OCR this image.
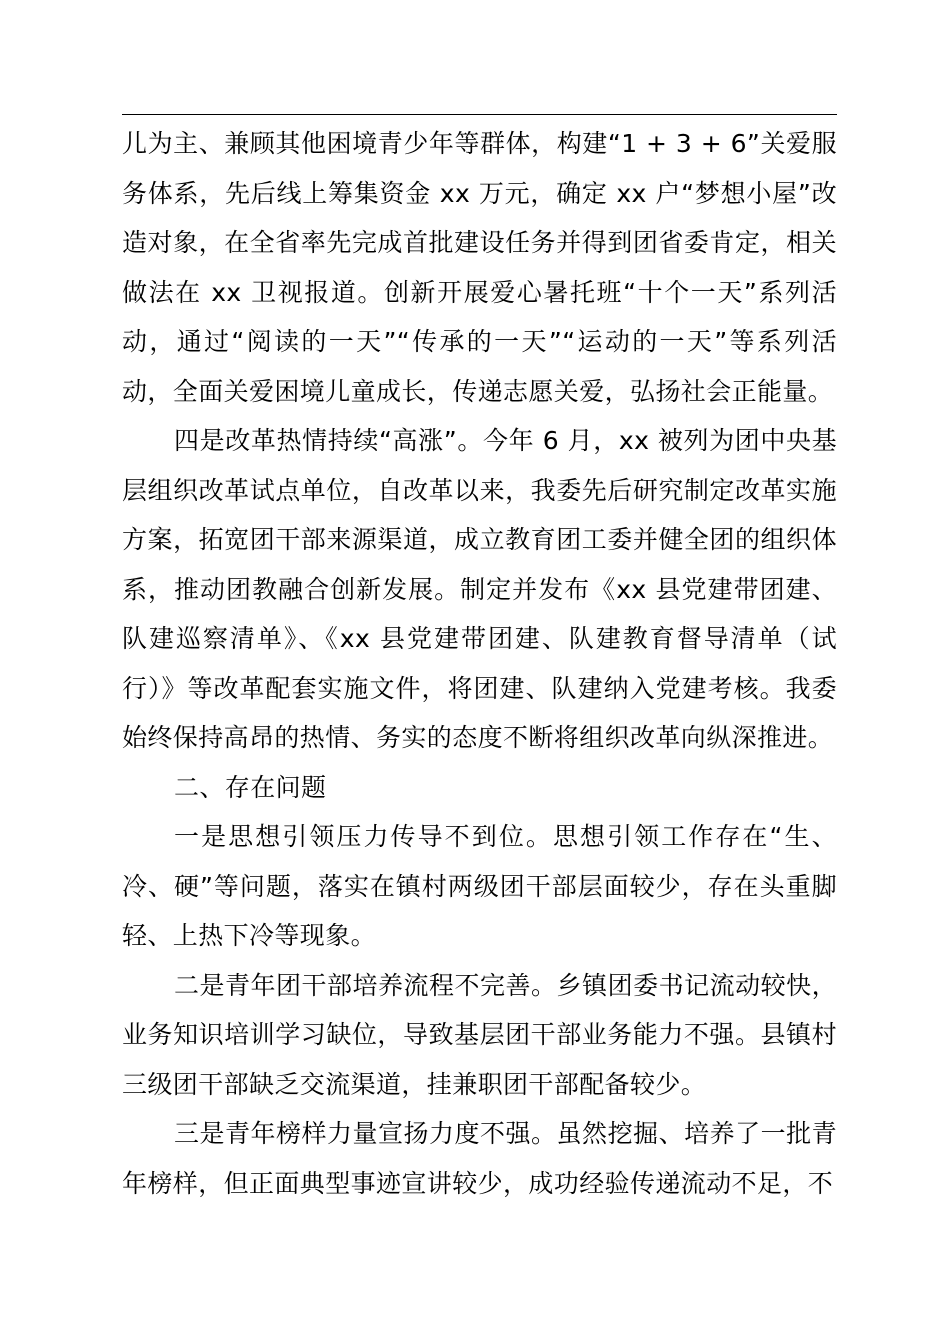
儿为主、兼顾其他困境青少年等群体，构建“1 + 3 + 6”关爱服务体系，先后线上筹集资金 xx 万元，确定 xx 户“梦想小屋”改造对象，在全省率先完成首批建设任务并得到团省委肯定，相关做法在 xx 卫视报道。创新开展爱心暑托班“十个一天”系列活动，通过“阅读的一天”“传承的一天”“运动的一天”等系列活动，全面关爱困境儿童成长，传递志愿关爱，弘扬社会正能量。

四是改革热情持续“高涨”。今年 6 月，xx 被列为团中央基层组织改革试点单位，自改革以来，我委先后研究制定改革实施方案，拓宽团干部来源渠道，成立教育团工委并健全团的组织体系，推动团教融合创新发展。制定并发布《xx 县党建带团建、队建巡察清单》、《xx 县党建带团建、队建教育督导清单（试行）》等改革配套实施文件，将团建、队建纳入党建考核。我委始终保持高昂的热情、务实的态度不断将组织改革向纵深推进。

二、存在问题

一是思想引领压力传导不到位。思想引领工作存在“生、冷、硬”等问题，落实在镇村两级团干部层面较少，存在头重脚轻、上热下冷等现象。

二是青年团干部培养流程不完善。乡镇团委书记流动较快，业务知识培训学习缺位，导致基层团干部业务能力不强。县镇村三级团干部缺乏交流渠道，挂兼职团干部配备较少。

三是青年榜样力量宣扬力度不强。虽然挖掘、培养了一批青年榜样，但正面典型事迹宣讲较少，成功经验传递流动不足，不
